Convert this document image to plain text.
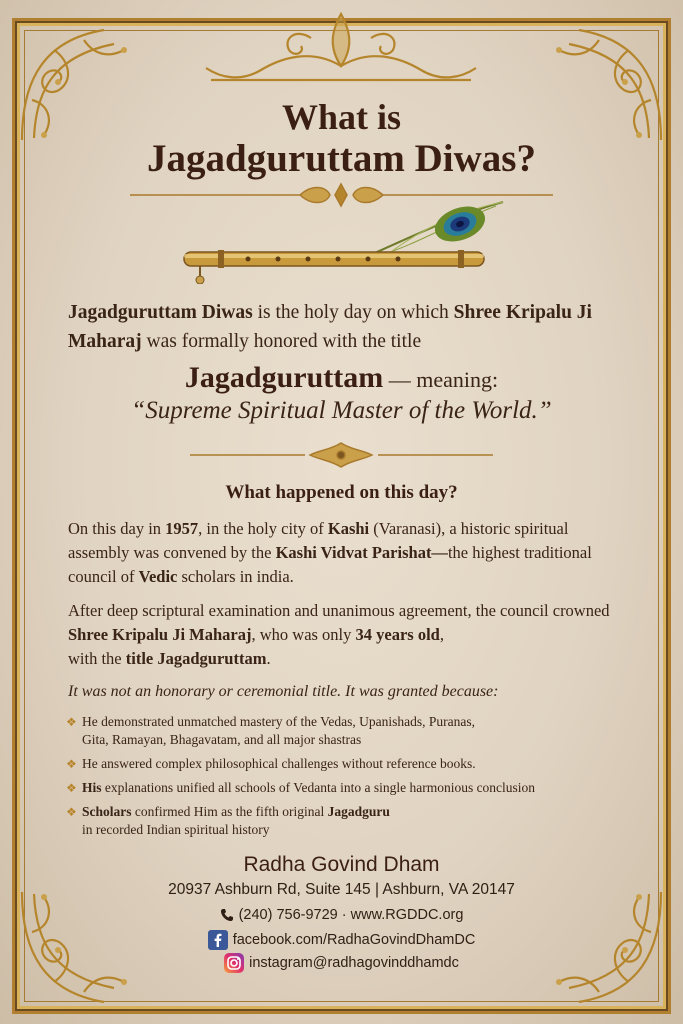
What is
Jagadguruttam Diwas?
Jagadguruttam Diwas is the holy day on which Shree Kripalu Ji Maharaj was formally honored with the title
Jagadguruttam — meaning:
“Supreme Spiritual Master of the World.”
What happened on this day?
On this day in 1957, in the holy city of Kashi (Varanasi), a historic spiritual assembly was convened by the Kashi Vidvat Parishat—the highest traditional council of Vedic scholars in india.
After deep scriptural examination and unanimous agreement, the council crowned Shree Kripalu Ji Maharaj, who was only 34 years old,
with the title Jagadguruttam.
It was not an honorary or ceremonial title. It was granted because:
❖ He demonstrated unmatched mastery of the Vedas, Upanishads, Puranas,
Gita, Ramayan, Bhagavatam, and all major shastras
❖ He answered complex philosophical challenges without reference books.
❖ His explanations unified all schools of Vedanta into a single harmonious conclusion
❖ Scholars confirmed Him as the fifth original Jagadguru
in recorded Indian spiritual history
Radha Govind Dham
20937 Ashburn Rd, Suite 145 | Ashburn, VA 20147
(240) 756-9729 · www.RGDDC.org
facebook.com/RadhaGovindDhamDC
instagram@radhagovinddhamdc
